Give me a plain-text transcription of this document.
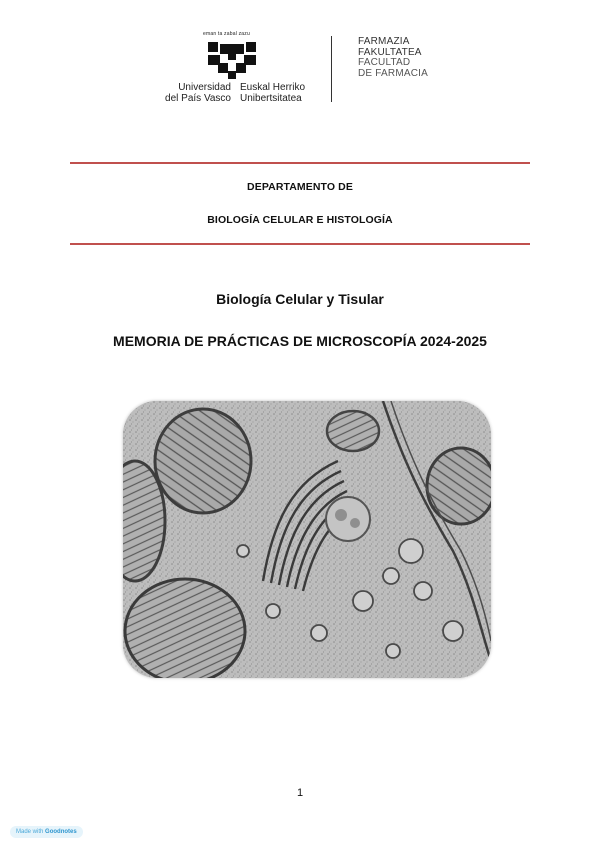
eman ta zabal zazu
Universidad
del País Vasco
Euskal Herriko
Unibertsitatea
FARMAZIA
FAKULTATEA
FACULTAD
DE FARMACIA
DEPARTAMENTO DE
BIOLOGÍA CELULAR E HISTOLOGÍA
Biología Celular y Tisular
MEMORIA DE PRÁCTICAS DE MICROSCOPÍA 2024-2025
1
Made with Goodnotes
